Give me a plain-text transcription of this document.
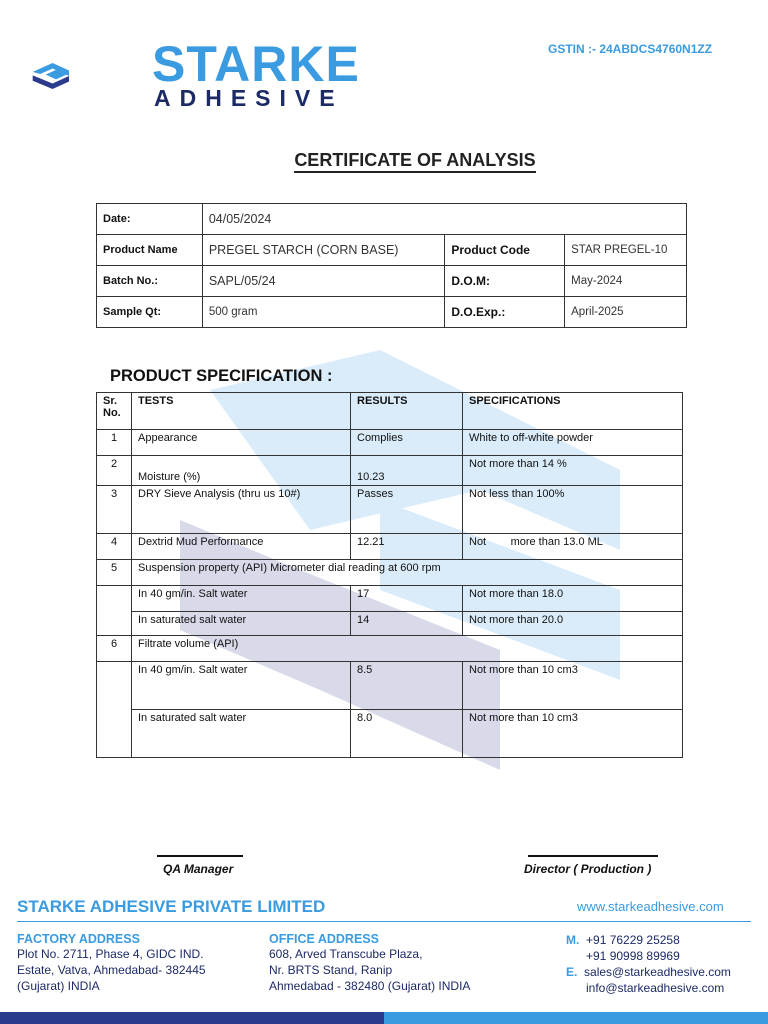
STARKE
ADHESIVE
GSTIN :- 24ABDCS4760N1ZZ
CERTIFICATE OF ANALYSIS
Date:	04/05/2024		
Product Name	PREGEL STARCH (CORN BASE)	Product Code	STAR PREGEL-10
Batch No.:	SAPL/05/24	D.O.M:	May-2024
Sample Qt:	500 gram	D.O.Exp.:	April-2025
PRODUCT SPECIFICATION :
Sr. No.	TESTS	RESULTS	SPECIFICATIONS
1	Appearance	Complies	White to off-white powder
2	Moisture (%)	10.23	Not more than 14 %
3	DRY Sieve Analysis (thru us 10#)	Passes	Not less than 100%
4	Dextrid Mud Performance	12.21	Not        more than 13.0 ML
5	Suspension property (API) Micrometer dial reading at 600 rpm		
	In 40 gm/in. Salt water	17	Not more than 18.0
	In saturated salt water	14	Not more than 20.0
6	Filtrate volume (API)		
	In 40 gm/in. Salt water	8.5	Not more than 10 cm3
	In saturated salt water	8.0	Not more than 10 cm3
QA Manager	Director ( Production )
STARKE ADHESIVE PRIVATE LIMITED	www.starkeadhesive.com
FACTORY ADDRESS
Plot No. 2711, Phase 4, GIDC IND.
Estate, Vatva, Ahmedabad- 382445
(Gujarat) INDIA
OFFICE ADDRESS
608, Arved Transcube Plaza,
Nr. BRTS Stand, Ranip
Ahmedabad - 382480 (Gujarat) INDIA
M. +91 76229 25258
+91 90998 89969
E. sales@starkeadhesive.com
info@starkeadhesive.com
